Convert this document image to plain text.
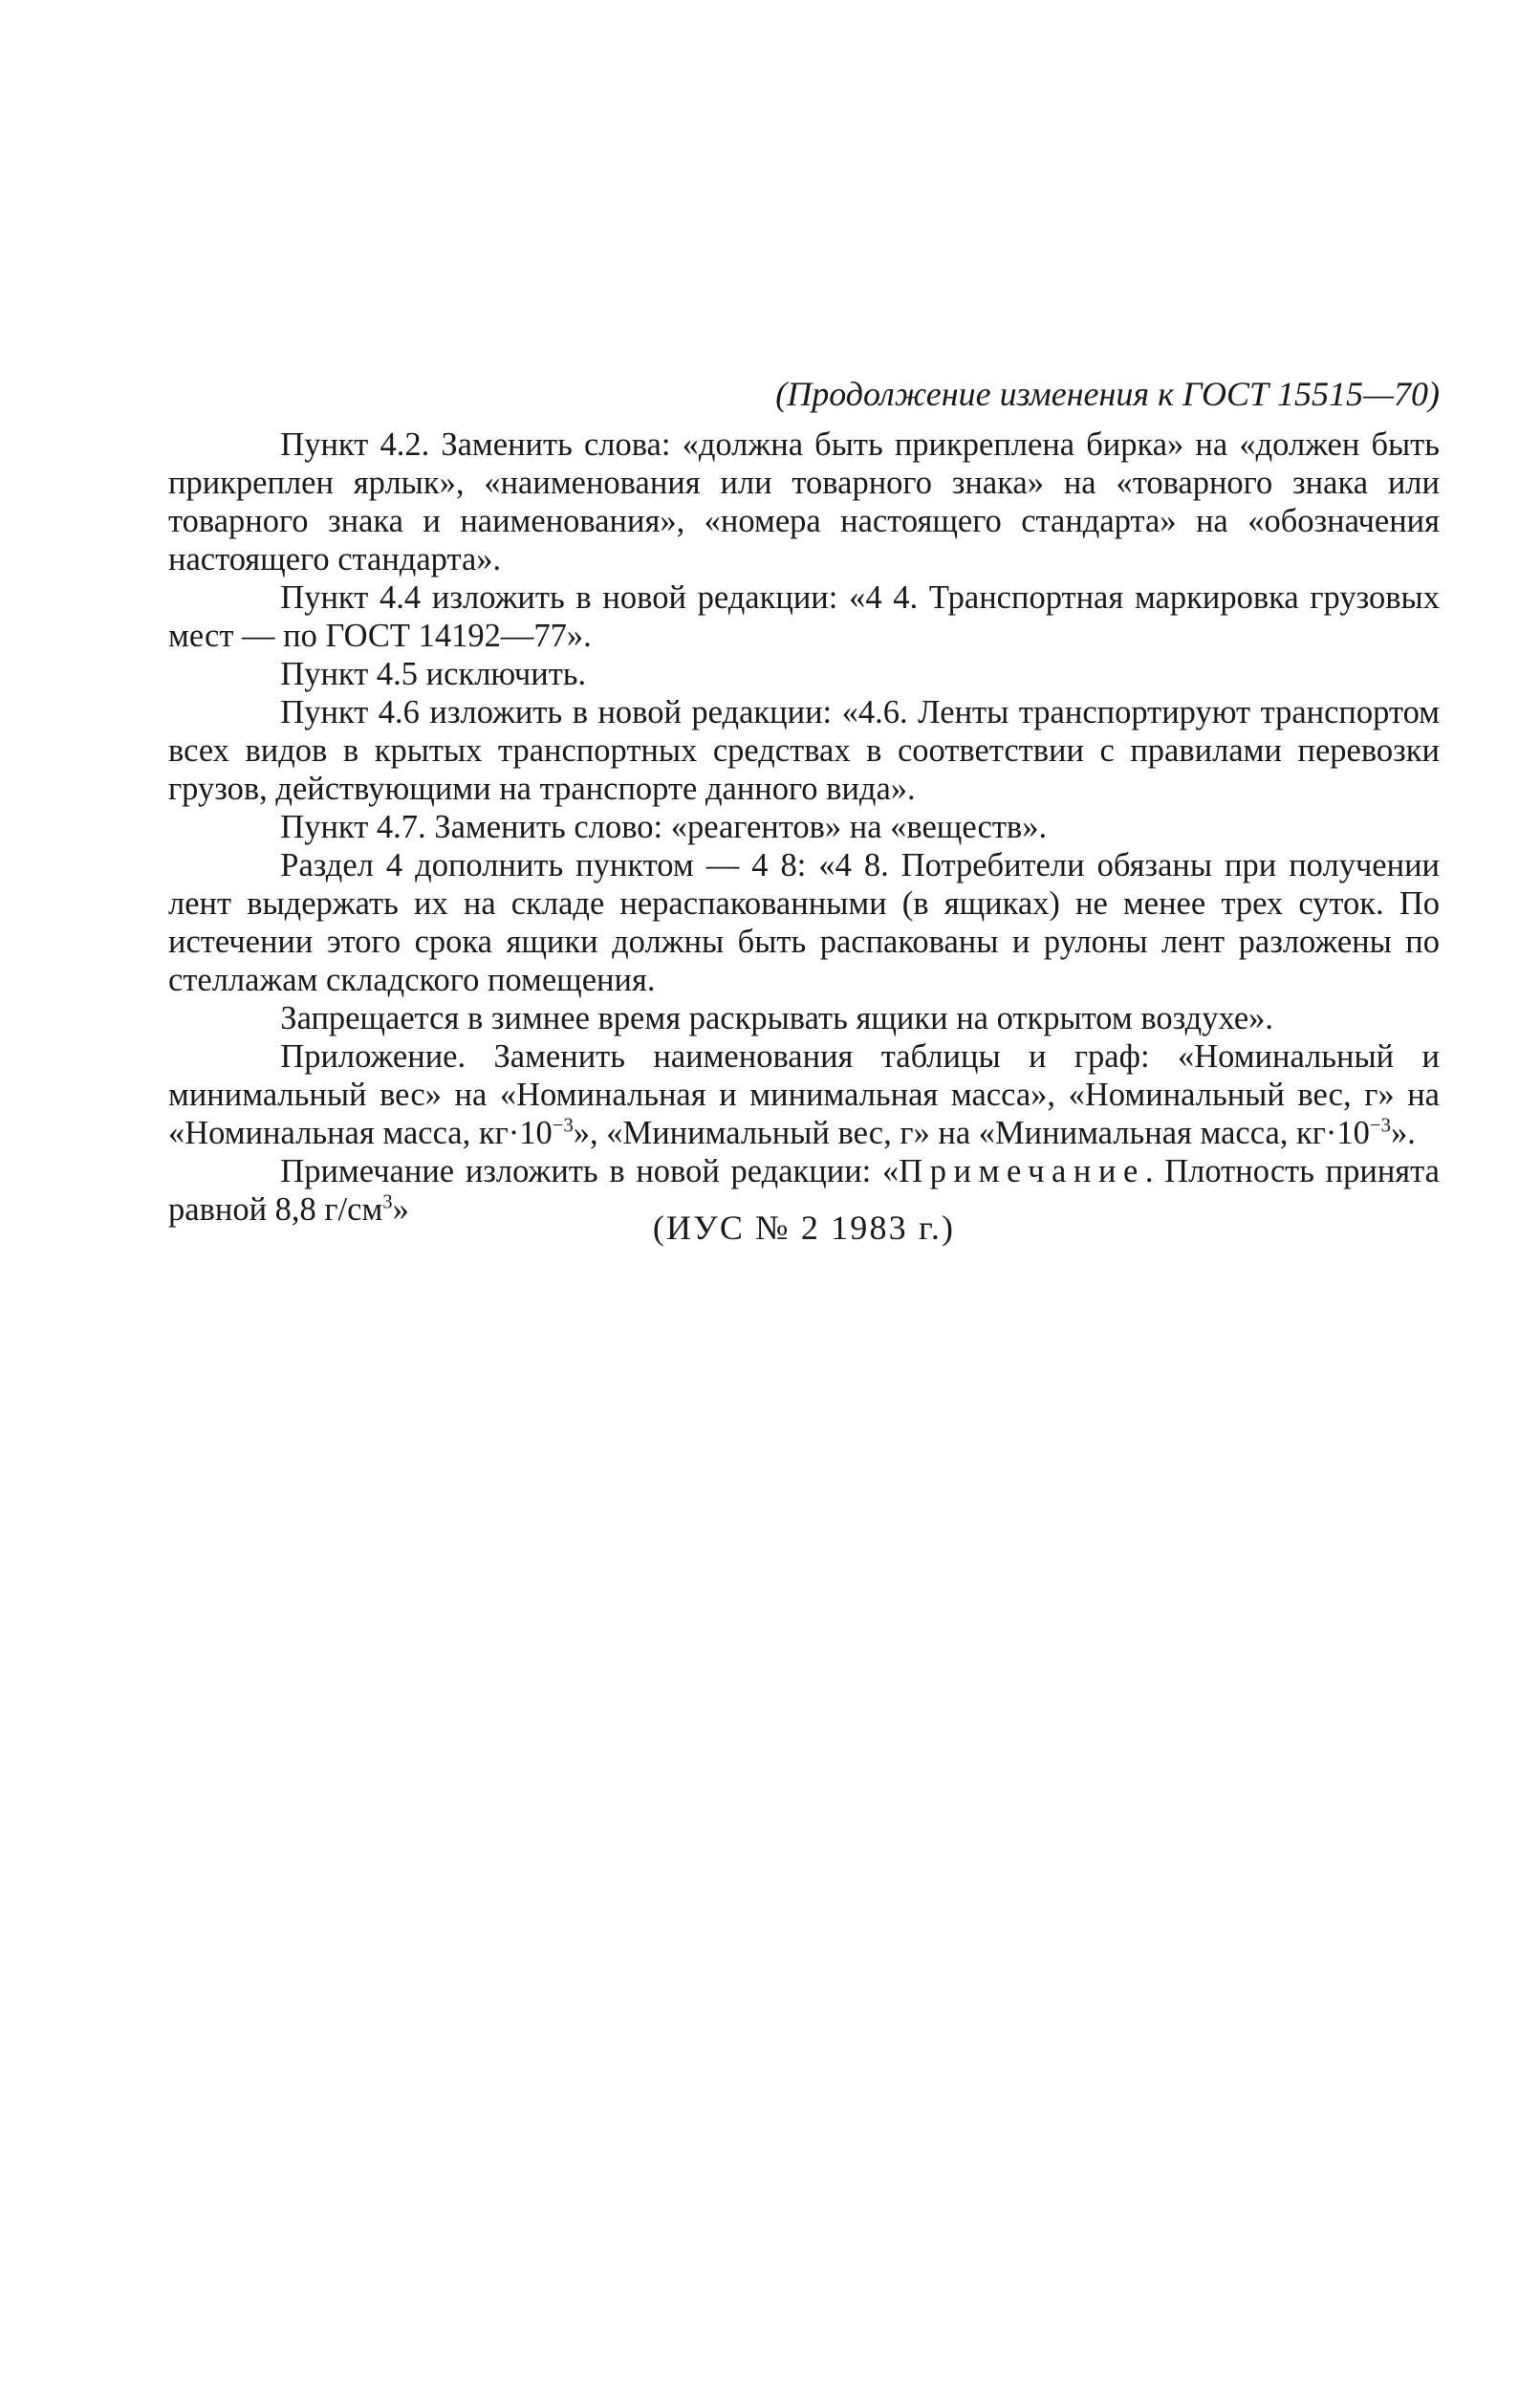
(Продолжение изменения к ГОСТ 15515—70)

Пункт 4.2. Заменить слова: «должна быть прикреплена бирка» на «должен быть прикреплен ярлык», «наименования или товарного знака» на «товарного знака или товарного знака и наименования», «номера настоящего стандарта» на «обозначения настоящего стандарта».

Пункт 4.4 изложить в новой редакции: «4 4. Транспортная маркировка грузовых мест — по ГОСТ 14192—77».

Пункт 4.5 исключить.

Пункт 4.6 изложить в новой редакции: «4.6. Ленты транспортируют транспортом всех видов в крытых транспортных средствах в соответствии с правилами перевозки грузов, действующими на транспорте данного вида».

Пункт 4.7. Заменить слово: «реагентов» на «веществ».

Раздел 4 дополнить пунктом — 4 8: «4 8. Потребители обязаны при получении лент выдержать их на складе нераспакованными (в ящиках) не менее трех суток. По истечении этого срока ящики должны быть распакованы и рулоны лент разложены по стеллажам складского помещения.

Запрещается в зимнее время раскрывать ящики на открытом воздухе».

Приложение. Заменить наименования таблицы и граф: «Номинальный и минимальный вес» на «Номинальная и минимальная масса», «Номинальный вес, г» на «Номинальная масса, $кг\cdot 10^{-3}$», «Минимальный вес, г» на «Минимальная масса, $кг\cdot 10^{-3}$».

Примечание изложить в новой редакции: «Примечание. Плотность принята равной 8,8 $г/см^3$»	(ИУС № 2 1983 г.)
